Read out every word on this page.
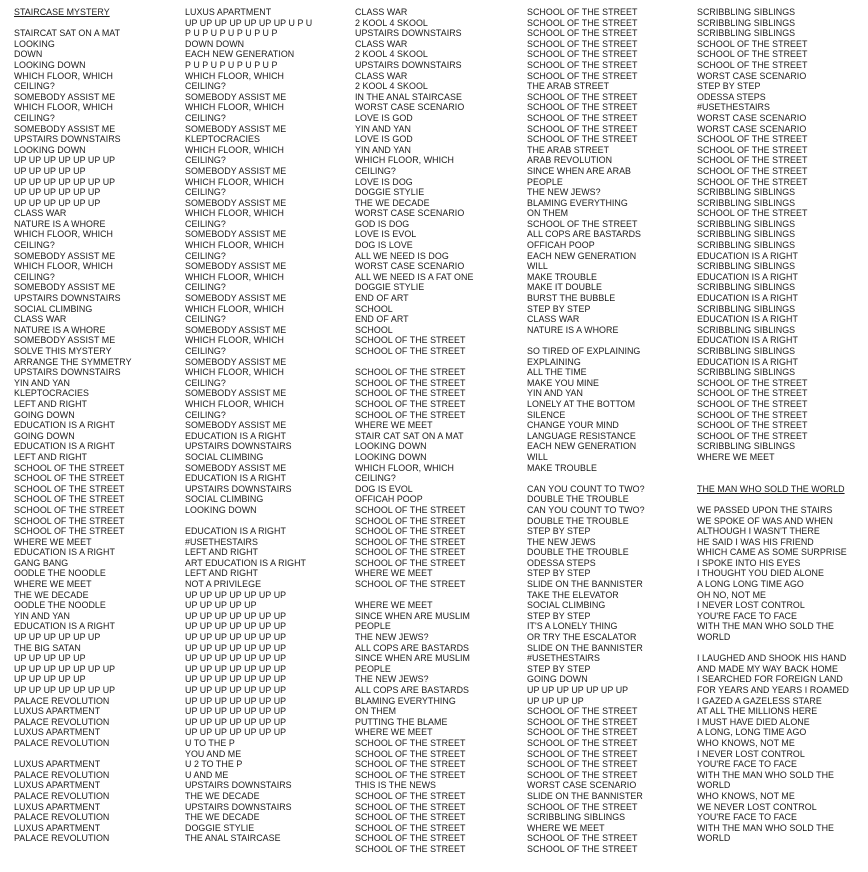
STAIRCASE MYSTERY
STAIRCAT SAT ON A MAT
LOOKING
DOWN
LOOKING DOWN
WHICH FLOOR, WHICH
CEILING?
SOMEBODY ASSIST ME
WHICH FLOOR, WHICH
CEILING?
SOMEBODY ASSIST ME
UPSTAIRS DOWNSTAIRS
LOOKING DOWN
UP UP UP UP UP UP UP
UP UP UP UP UP
UP UP UP UP UP UP UP
UP UP UP UP UP UP
UP UP UP UP UP UP
CLASS WAR
NATURE IS A WHORE
WHICH FLOOR, WHICH
CEILING?
SOMEBODY ASSIST ME
WHICH FLOOR, WHICH
CEILING?
SOMEBODY ASSIST ME
UPSTAIRS DOWNSTAIRS
SOCIAL CLIMBING
CLASS WAR
NATURE IS A WHORE
SOMEBODY ASSIST ME
SOLVE THIS MYSTERY
ARRANGE THE SYMMETRY
UPSTAIRS DOWNSTAIRS
YIN AND YAN
KLEPTOCRACIES
LEFT AND RIGHT
GOING DOWN
EDUCATION IS A RIGHT
GOING DOWN
EDUCATION IS A RIGHT
LEFT AND RIGHT
SCHOOL OF THE STREET
SCHOOL OF THE STREET
SCHOOL OF THE STREET
SCHOOL OF THE STREET
SCHOOL OF THE STREET
SCHOOL OF THE STREET
SCHOOL OF THE STREET
WHERE WE MEET
EDUCATION IS A RIGHT
GANG BANG
OODLE THE NOODLE
WHERE WE MEET
THE WE DECADE
OODLE THE NOODLE
YIN AND YAN
EDUCATION IS A RIGHT
UP UP UP UP UP UP
THE BIG SATAN
UP UP UP UP UP
UP UP UP UP UP UP UP
UP UP UP UP UP
UP UP UP UP UP UP UP
PALACE REVOLUTION
LUXUS APARTMENT
PALACE REVOLUTION
LUXUS APARTMENT
PALACE REVOLUTION
LUXUS APARTMENT
PALACE REVOLUTION
LUXUS APARTMENT
PALACE REVOLUTION
LUXUS APARTMENT
PALACE REVOLUTION
LUXUS APARTMENT
PALACE REVOLUTION
LUXUS APARTMENT
UP UP UP UP UP UP UP U P U
P U P U P U P U P U P
DOWN DOWN
EACH NEW GENERATION
P U P U P U P U P U P
WHICH FLOOR, WHICH
CEILING?
SOMEBODY ASSIST ME
WHICH FLOOR, WHICH
CEILING?
SOMEBODY ASSIST ME
KLEPTOCRACIES
WHICH FLOOR, WHICH
CEILING?
SOMEBODY ASSIST ME
WHICH FLOOR, WHICH
CEILING?
SOMEBODY ASSIST ME
WHICH FLOOR, WHICH
CEILING?
SOMEBODY ASSIST ME
WHICH FLOOR, WHICH
CEILING?
SOMEBODY ASSIST ME
WHICH FLOOR, WHICH
CEILING?
SOMEBODY ASSIST ME
WHICH FLOOR, WHICH
CEILING?
SOMEBODY ASSIST ME
WHICH FLOOR, WHICH
CEILING?
SOMEBODY ASSIST ME
WHICH FLOOR, WHICH
CEILING?
SOMEBODY ASSIST ME
WHICH FLOOR, WHICH
CEILING?
SOMEBODY ASSIST ME
EDUCATION IS A RIGHT
UPSTAIRS DOWNSTAIRS
SOCIAL CLIMBING
SOMEBODY ASSIST ME
EDUCATION IS A RIGHT
UPSTAIRS DOWNSTAIRS
SOCIAL CLIMBING
LOOKING DOWN
EDUCATION IS A RIGHT
#USETHESTAIRS
LEFT AND RIGHT
ART EDUCATION IS A RIGHT
LEFT AND RIGHT
NOT A PRIVILEGE
UP UP UP UP UP UP UP
UP UP UP UP UP
UP UP UP UP UP UP UP
UP UP UP UP UP UP UP
UP UP UP UP UP UP UP
UP UP UP UP UP UP UP
UP UP UP UP UP UP UP
UP UP UP UP UP UP UP
UP UP UP UP UP UP UP
UP UP UP UP UP UP UP
UP UP UP UP UP UP UP
UP UP UP UP UP UP UP
UP UP UP UP UP UP UP
UP UP UP UP UP UP UP
U TO THE P
YOU AND ME
U 2 TO THE P
U AND ME
UPSTAIRS DOWNSTAIRS
THE WE DECADE
UPSTAIRS DOWNSTAIRS
THE WE DECADE
DOGGIE STYLIE
THE ANAL STAIRCASE
CLASS WAR
2 KOOL 4 SKOOL
UPSTAIRS DOWNSTAIRS
CLASS WAR
2 KOOL 4 SKOOL
UPSTAIRS DOWNSTAIRS
CLASS WAR
2 KOOL 4 SKOOL
IN THE ANAL STAIRCASE
WORST CASE SCENARIO
LOVE IS GOD
YIN AND YAN
LOVE IS GOD
YIN AND YAN
WHICH FLOOR, WHICH
CEILING?
LOVE IS DOG
DOGGIE STYLIE
THE WE DECADE
WORST CASE SCENARIO
GOD IS DOG
LOVE IS EVOL
DOG IS LOVE
ALL WE NEED IS DOG
WORST CASE SCENARIO
ALL WE NEED IS A FAT ONE
DOGGIE STYLIE
END OF ART
SCHOOL
END OF ART
SCHOOL
SCHOOL OF THE STREET
SCHOOL OF THE STREET
SCHOOL OF THE STREET
SCHOOL OF THE STREET
SCHOOL OF THE STREET
SCHOOL OF THE STREET
SCHOOL OF THE STREET
WHERE WE MEET
STAIR CAT SAT ON A MAT
LOOKING DOWN
LOOKING DOWN
WHICH FLOOR, WHICH
CEILING?
DOG IS EVOL
OFFICAH POOP
SCHOOL OF THE STREET
SCHOOL OF THE STREET
SCHOOL OF THE STREET
SCHOOL OF THE STREET
SCHOOL OF THE STREET
SCHOOL OF THE STREET
WHERE WE MEET
SCHOOL OF THE STREET
WHERE WE MEET
SINCE WHEN ARE MUSLIM
PEOPLE
THE NEW JEWS?
ALL COPS ARE BASTARDS
SINCE WHEN ARE MUSLIM
PEOPLE
THE NEW JEWS?
ALL COPS ARE BASTARDS
BLAMING EVERYTHING
ON THEM
PUTTING THE BLAME
WHERE WE MEET
SCHOOL OF THE STREET
SCHOOL OF THE STREET
SCHOOL OF THE STREET
SCHOOL OF THE STREET
THIS IS THE NEWS
SCHOOL OF THE STREET
SCHOOL OF THE STREET
SCHOOL OF THE STREET
SCHOOL OF THE STREET
SCHOOL OF THE STREET
SCHOOL OF THE STREET
SCHOOL OF THE STREET
SCHOOL OF THE STREET
SCHOOL OF THE STREET
SCHOOL OF THE STREET
SCHOOL OF THE STREET
SCHOOL OF THE STREET
SCHOOL OF THE STREET
THE ARAB STREET
SCHOOL OF THE STREET
SCHOOL OF THE STREET
SCHOOL OF THE STREET
SCHOOL OF THE STREET
SCHOOL OF THE STREET
THE ARAB STREET
ARAB REVOLUTION
SINCE WHEN ARE ARAB
PEOPLE
THE NEW JEWS?
BLAMING EVERYTHING
ON THEM
SCHOOL OF THE STREET
ALL COPS ARE BASTARDS
OFFICAH POOP
EACH NEW GENERATION
WILL
MAKE TROUBLE
MAKE IT DOUBLE
BURST THE BUBBLE
STEP BY STEP
CLASS WAR
NATURE IS A WHORE
SO TIRED OF EXPLAINING
EXPLAINING
ALL THE TIME
MAKE YOU MINE
YIN AND YAN
LONELY AT THE BOTTOM
SILENCE
CHANGE YOUR MIND
LANGUAGE RESISTANCE
EACH NEW GENERATION
WILL
MAKE TROUBLE
CAN YOU COUNT TO TWO?
DOUBLE THE TROUBLE
CAN YOU COUNT TO TWO?
DOUBLE THE TROUBLE
STEP BY STEP
THE NEW JEWS
DOUBLE THE TROUBLE
ODESSA STEPS
STEP BY STEP
SLIDE ON THE BANNISTER
TAKE THE ELEVATOR
SOCIAL CLIMBING
STEP BY STEP
IT'S A LONELY THING
OR TRY THE ESCALATOR
SLIDE ON THE BANNISTER
#USETHESTAIRS
STEP BY STEP
GOING DOWN
UP UP UP UP UP UP UP
UP UP UP UP
SCHOOL OF THE STREET
SCHOOL OF THE STREET
SCHOOL OF THE STREET
SCHOOL OF THE STREET
SCHOOL OF THE STREET
SCHOOL OF THE STREET
SCHOOL OF THE STREET
WORST CASE SCENARIO
SLIDE ON THE BANNISTER
SCHOOL OF THE STREET
SCRIBBLING SIBLINGS
WHERE WE MEET
SCHOOL OF THE STREET
SCHOOL OF THE STREET
SCRIBBLING SIBLINGS
SCRIBBLING SIBLINGS
SCRIBBLING SIBLINGS
SCHOOL OF THE STREET
SCHOOL OF THE STREET
SCHOOL OF THE STREET
WORST CASE SCENARIO
STEP BY STEP
ODESSA STEPS
#USETHESTAIRS
WORST CASE SCENARIO
WORST CASE SCENARIO
SCHOOL OF THE STREET
SCHOOL OF THE STREET
SCHOOL OF THE STREET
SCHOOL OF THE STREET
SCHOOL OF THE STREET
SCRIBBLING SIBLINGS
SCRIBBLING SIBLINGS
SCHOOL OF THE STREET
SCRIBBLING SIBLINGS
SCRIBBLING SIBLINGS
SCRIBBLING SIBLINGS
EDUCATION IS A RIGHT
SCRIBBLING SIBLINGS
EDUCATION IS A RIGHT
SCRIBBLING SIBLINGS
EDUCATION IS A RIGHT
SCRIBBLING SIBLINGS
EDUCATION IS A RIGHT
SCRIBBLING SIBLINGS
EDUCATION IS A RIGHT
SCRIBBLING SIBLINGS
EDUCATION IS A RIGHT
SCRIBBLING SIBLINGS
SCHOOL OF THE STREET
SCHOOL OF THE STREET
SCHOOL OF THE STREET
SCHOOL OF THE STREET
SCHOOL OF THE STREET
SCHOOL OF THE STREET
SCRIBBLING SIBLINGS
WHERE WE MEET
THE MAN WHO SOLD THE WORLD
WE PASSED UPON THE STAIRS
WE SPOKE OF WAS AND WHEN
ALTHOUGH I WASN'T THERE
HE SAID I WAS HIS FRIEND
WHICH CAME AS SOME SURPRISE
I SPOKE INTO HIS EYES
I THOUGHT YOU DIED ALONE
A LONG LONG TIME AGO
OH NO, NOT ME
I NEVER LOST CONTROL
YOU'RE FACE TO FACE
WITH THE MAN WHO SOLD THE
WORLD
I LAUGHED AND SHOOK HIS HAND
AND MADE MY WAY BACK HOME
I SEARCHED FOR FOREIGN LAND
FOR YEARS AND YEARS I ROAMED
I GAZED A GAZELESS STARE
AT ALL THE MILLIONS HERE
I MUST HAVE DIED ALONE
A LONG, LONG TIME AGO
WHO KNOWS, NOT ME
I NEVER LOST CONTROL
YOU'RE FACE TO FACE
WITH THE MAN WHO SOLD THE
WORLD
WHO KNOWS, NOT ME
WE NEVER LOST CONTROL
YOU'RE FACE TO FACE
WITH THE MAN WHO SOLD THE
WORLD
